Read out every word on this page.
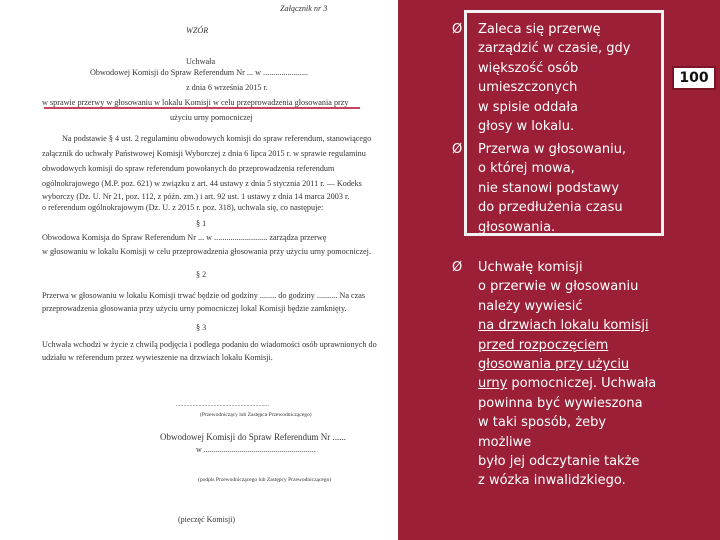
Załącznik nr 3
WZÓR
Uchwała
Obwodowej Komisji do Spraw Referendum Nr ... w ......................
z dnia 6 września 2015 r.
w sprawie przerwy w głosowaniu w lokalu Komisji w celu przeprowadzenia głosowania przy
użyciu urny pomocniczej
Na podstawie § 4 ust. 2 regulaminu obwodowych komisji do spraw referendum, stanowiącego
załącznik do uchwały Państwowej Komisji Wyborczej z dnia 6 lipca 2015 r. w sprawie regulaminu
obwodowych komisji do spraw referendum powołanych do przeprowadzenia referendum
ogólnokrajowego (M.P. poz. 621) w związku z art. 44 ustawy z dnia 5 stycznia 2011 r. — Kodeks
wyborczy (Dz. U. Nr 21, poz. 112, z późn. zm.) i art. 92 ust. 1 ustawy z dnia 14 marca 2003 r.
o referendum ogólnokrajowym (Dz. U. z 2015 r. poz. 318), uchwala się, co następuje:
§ 1
Obwodowa Komisja do Spraw Referendum Nr ... w .......................... zarządza przerwę
w głosowaniu w lokalu Komisji w celu przeprowadzenia głosowania przy użyciu urny pomocniczej.
§ 2
Przerwa w głosowaniu w lokalu Komisji trwać będzie od godziny ........ do godziny .......... Na czas
przeprowadzenia głosowania przy użyciu urny pomocniczej lokal Komisji będzie zamknięty.
§ 3
Uchwała wchodzi w życie z chwilą podjęcia i podlega podaniu do wiadomości osób uprawnionych do
udziału w referendum przez wywieszenie na drzwiach lokalu Komisji.
..............................................................
(Przewodniczący lub Zastępca Przewodniczącego)
Obwodowej Komisji do Spraw Referendum Nr ......
w ........................................................
(podpis Przewodniczącego lub Zastępcy Przewodniczącego)
(pieczęć Komisji)
Ø Zaleca się przerwę
zarządzić w czasie, gdy
większość osób
umieszczonych
w spisie oddała
głosy w lokalu.
Ø Przerwa w głosowaniu,
o której mowa,
nie stanowi podstawy
do przedłużenia czasu
głosowania.
Ø Uchwałę komisji
o przerwie w głosowaniu
należy wywiesić
na drzwiach lokalu komisji
przed rozpoczęciem
głosowania przy użyciu
urny pomocniczej. Uchwała
powinna być wywieszona
w taki sposób, żeby
możliwe
było jej odczytanie także
z wózka inwalidzkiego.
100
